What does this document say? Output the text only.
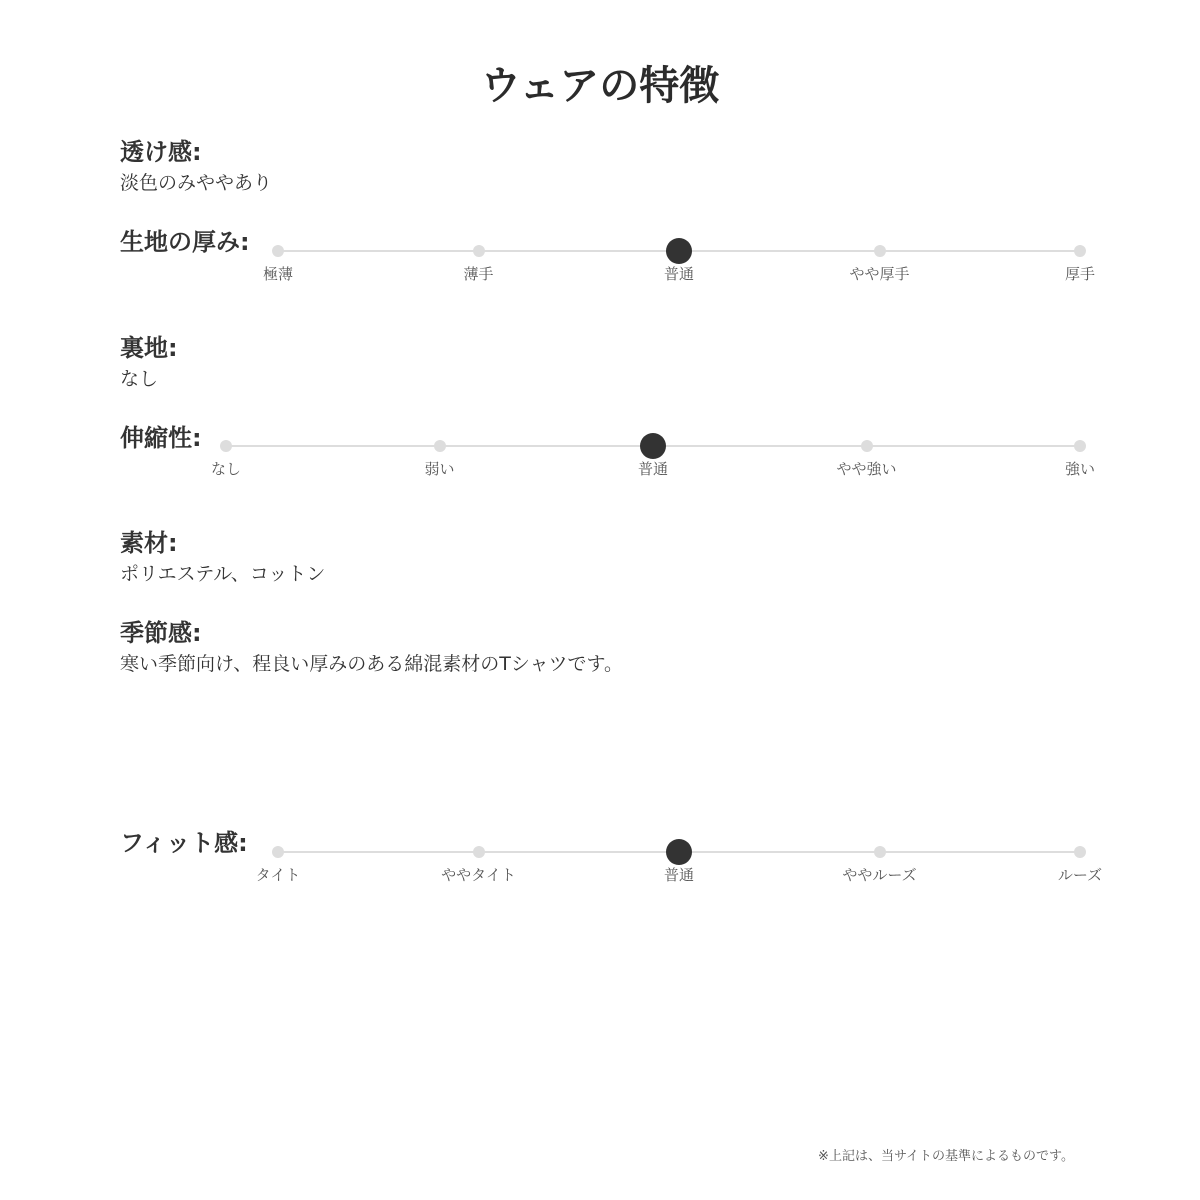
ウェアの特徴
透け感:
淡色のみややあり
生地の厚み:
極薄	薄手	普通	やや厚手	厚手
裏地:
なし
伸縮性:
なし	弱い	普通	やや強い	強い
素材:
ポリエステル、コットン
季節感:
寒い季節向け、程良い厚みのある綿混素材のTシャツです。
フィット感:
タイト	ややタイト	普通	ややルーズ	ルーズ
※上記は、当サイトの基準によるものです。
